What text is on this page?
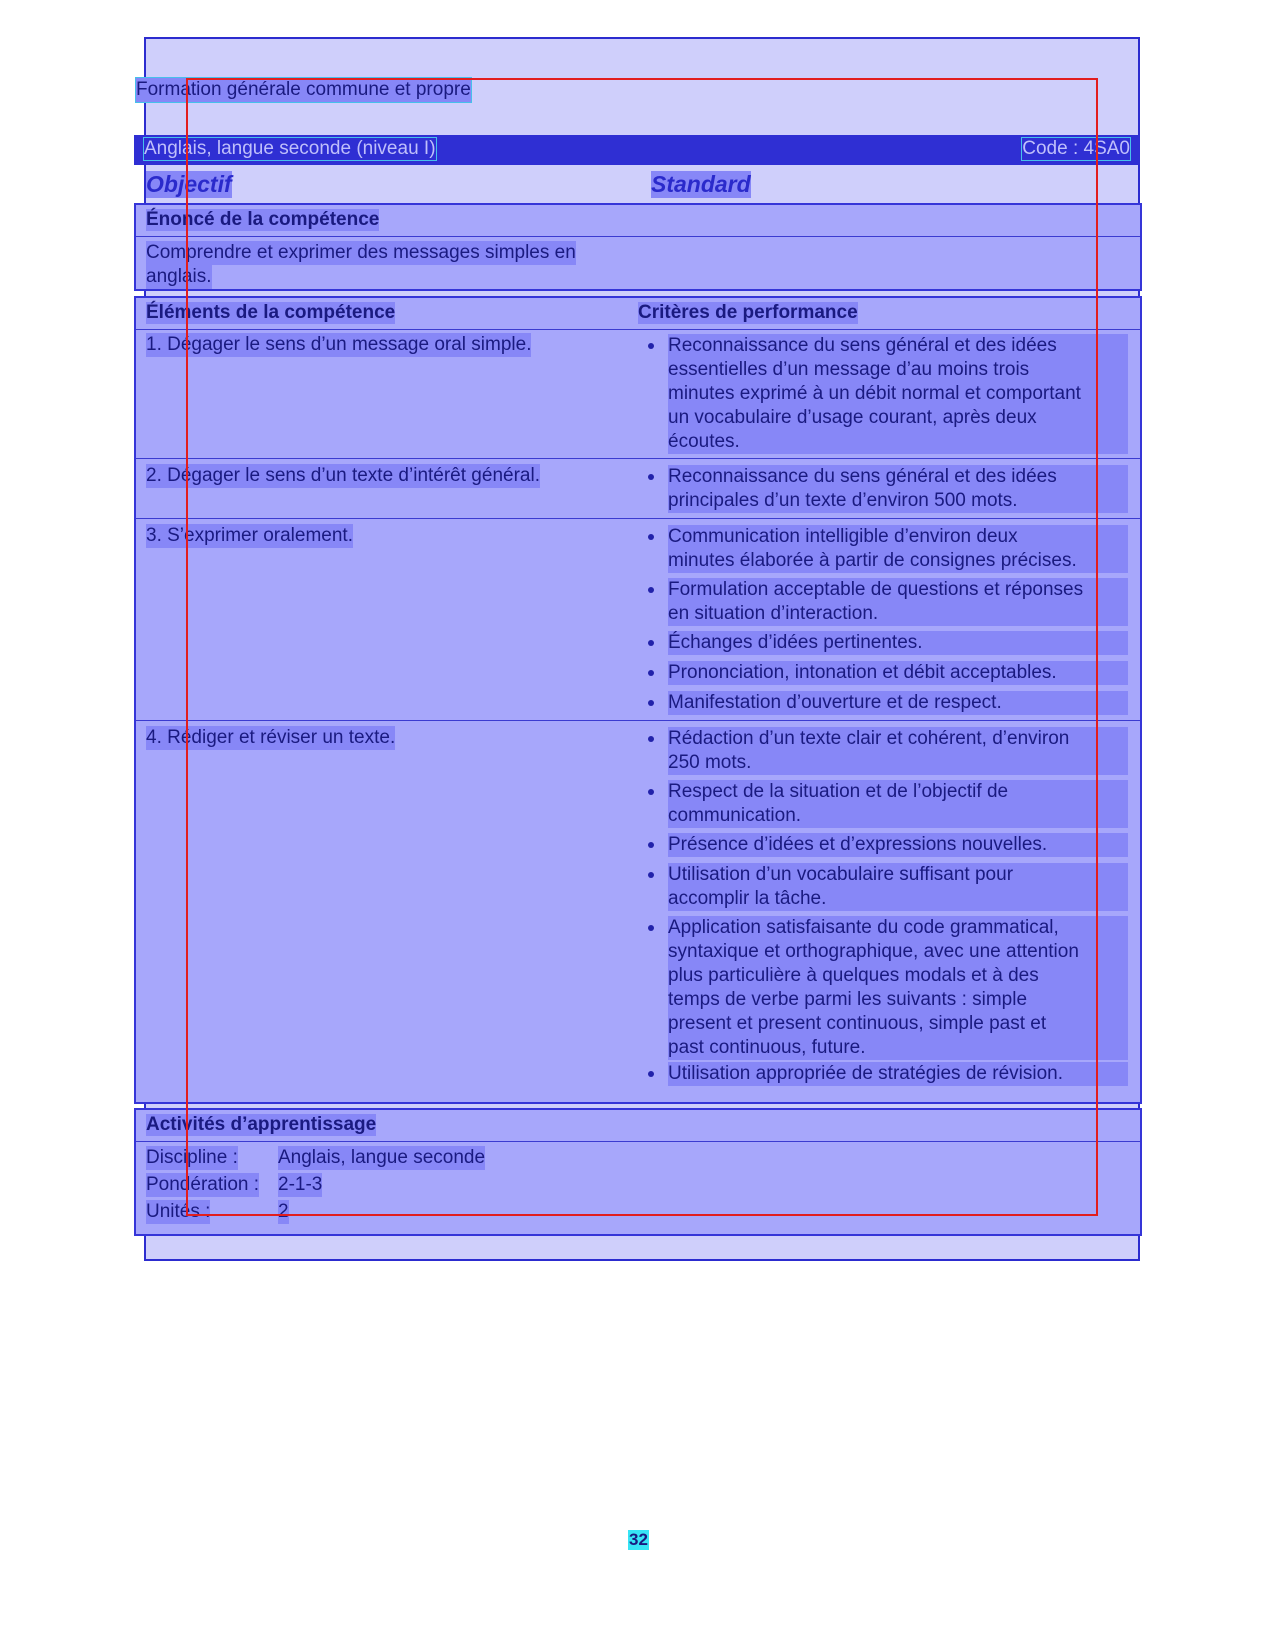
Formation générale commune et propre
Anglais, langue seconde (niveau I)	Code : 4SA0
Objectif	Standard
Énoncé de la compétence
Comprendre et exprimer des messages simples en
anglais.
Éléments de la compétence	Critères de performance
1. Dégager le sens d’un message oral simple.	Reconnaissance du sens général et des idées
essentielles d’un message d’au moins trois
minutes exprimé à un débit normal et comportant
un vocabulaire d’usage courant, après deux
écoutes.
2. Dégager le sens d’un texte d’intérêt général.	Reconnaissance du sens général et des idées
principales d’un texte d’environ 500 mots.
3. S’exprimer oralement.	Communication intelligible d’environ deux
minutes élaborée à partir de consignes précises.
Formulation acceptable de questions et réponses
en situation d’interaction.
Échanges d’idées pertinentes.
Prononciation, intonation et débit acceptables.
Manifestation d’ouverture et de respect.
4. Rédiger et réviser un texte.	Rédaction d’un texte clair et cohérent, d’environ
250 mots.
Respect de la situation et de l’objectif de
communication.
Présence d’idées et d’expressions nouvelles.
Utilisation d’un vocabulaire suffisant pour
accomplir la tâche.
Application satisfaisante du code grammatical,
syntaxique et orthographique, avec une attention
plus particulière à quelques modals et à des
temps de verbe parmi les suivants : simple
present et present continuous, simple past et
past continuous, future.
Utilisation appropriée de stratégies de révision.
Activités d’apprentissage
Discipline : Anglais, langue seconde
Pondération : 2-1-3
Unités :	2
32
